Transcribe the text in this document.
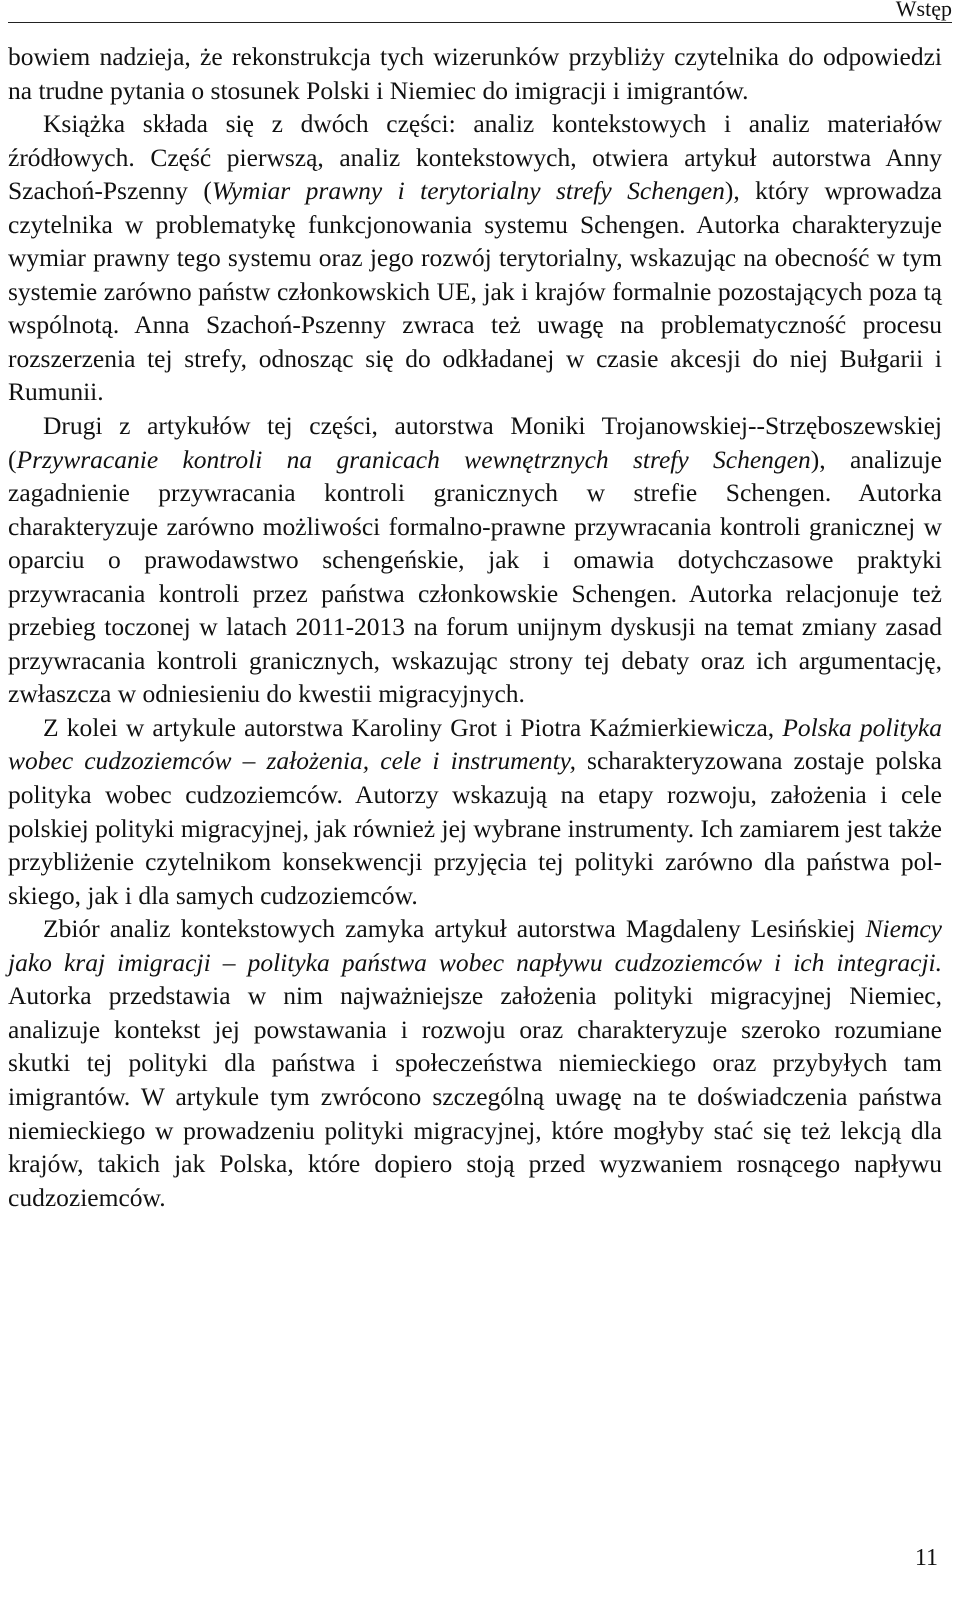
Wstęp

bowiem nadzieja, że rekonstrukcja tych wizerunków przybliży czytelnika do odpowiedzi na trudne pytania o stosunek Polski i Niemiec do imigracji i imigrantów.

Książka składa się z dwóch części: analiz kontekstowych i analiz materiałów źródłowych. Część pierwszą, analiz kontekstowych, otwiera artykuł autorstwa Anny Szachoń-Pszenny (Wymiar prawny i terytorialny strefy Schengen), który wprowadza czytelnika w problematykę funkcjonowania systemu Schengen. Autorka charakteryzuje wymiar prawny tego systemu oraz jego rozwój terytorialny, wskazując na obecność w tym systemie zarówno państw członkowskich UE, jak i krajów formalnie pozostających poza tą wspólnotą. Anna Szachoń-Pszenny zwraca też uwagę na problematyczność procesu rozszerzenia tej strefy, odnosząc się do odkładanej w czasie akcesji do niej Bułgarii i Rumunii.

Drugi z artykułów tej części, autorstwa Moniki Trojanowskiej--Strzęboszewskiej (Przywracanie kontroli na granicach wewnętrznych strefy Schengen), analizuje zagadnienie przywracania kontroli granicznych w strefie Schengen. Autorka charakteryzuje zarówno możliwości formalno-prawne przywracania kontroli granicznej w oparciu o prawodawstwo schengeńskie, jak i omawia dotychczasowe praktyki przywracania kontroli przez państwa członkowskie Schengen. Autorka relacjonuje też przebieg toczonej w latach 2011-2013 na forum unijnym dyskusji na temat zmiany zasad przywracania kontroli granicznych, wskazując strony tej debaty oraz ich argumentację, zwłaszcza w odniesieniu do kwestii migracyjnych.

Z kolei w artykule autorstwa Karoliny Grot i Piotra Kaźmierkiewicza, Polska polityka wobec cudzoziemców – założenia, cele i instrumenty, scharakteryzowana zostaje polska polityka wobec cudzoziemców. Autorzy wskazują na etapy rozwoju, założenia i cele polskiej polityki migracyjnej, jak również jej wybrane instrumenty. Ich zamiarem jest także przybliżenie czytelnikom konsekwencji przyjęcia tej polityki zarówno dla państwa polskiego, jak i dla samych cudzoziemców.

Zbiór analiz kontekstowych zamyka artykuł autorstwa Magdaleny Lesińskiej Niemcy jako kraj imigracji – polityka państwa wobec napływu cudzoziemców i ich integracji. Autorka przedstawia w nim najważniejsze założenia polityki migracyjnej Niemiec, analizuje kontekst jej powstawania i rozwoju oraz charakteryzuje szeroko rozumiane skutki tej polityki dla państwa i społeczeństwa niemieckiego oraz przybyłych tam imigrantów. W artykule tym zwrócono szczególną uwagę na te doświadczenia państwa niemieckiego w prowadzeniu polityki migracyjnej, które mogłyby stać się też lekcją dla krajów, takich jak Polska, które dopiero stoją przed wyzwaniem rosnącego napływu cudzoziemców.

11
